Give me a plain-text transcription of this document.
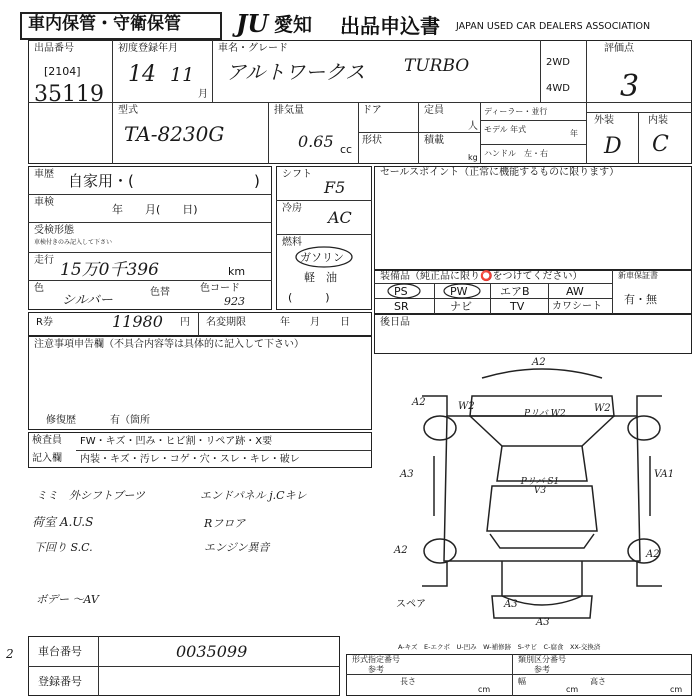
車内保管・守衛保管 JU 愛知 出品申込書 JAPAN USED CAR DEALERS ASSOCIATION
出品番号
[2104]
35119
初度登録年月
14 11
月
車名・グレード
アルトワークス TURBO	2WD
4WD
評価点
3
型式
TA-8230G
排気量
0.65 cc
ドア
形状
定員
人
積載
kg
ディーラー・並行
モデル 年式	年
ハンドル　左・右
外装	内装
D C
車歴 自家用・(	)
車検
年　　月(　　日)
受検形態
車検付きのみ記入して下さい
走行 15万0千396	km
色
シルバー
色替	色コード
923
シフト
F5
冷房 AC
燃料
ガソリン
軽　油
(　　　)
セールスポイント（正常に機能するものに限ります）
装備品（純正品に限り⭕をつけてください）
PS	PW	エアB	AW
SR	ナビ	TV	カワシート
新車保証書
有・無
R券	11980 円 名変期限	年　　月　　日	後日品
注意事項申告欄（不具合内容等は具体的に記入して下さい）
修復歴	有（箇所
検査員
記入欄
FW・キズ・凹み・ヒビ割・リペア跡・X要
内装・キズ・汚レ・コゲ・穴・スレ・キレ・破レ
ミミ　外シフトブーツ	エンドパネル j.Cキレ
荷室 A.U.S	Rフロア
下回り S.C.	エンジン異音
ボデー ～AV
A2
A2	W2	W2
A3	VA1
A2	A2
A3
Pリバ W2
Pリバ S1 V3
A3
スペア
A-キズ　E-エクボ　U-凹み　W-補修跡　S-サビ　C-腐食　XX-交換済
車台番号	0035099
登録番号
2	形式指定番号
参考
類別区分番号
参考
長さ
cm
幅
cm
高さ
cm
